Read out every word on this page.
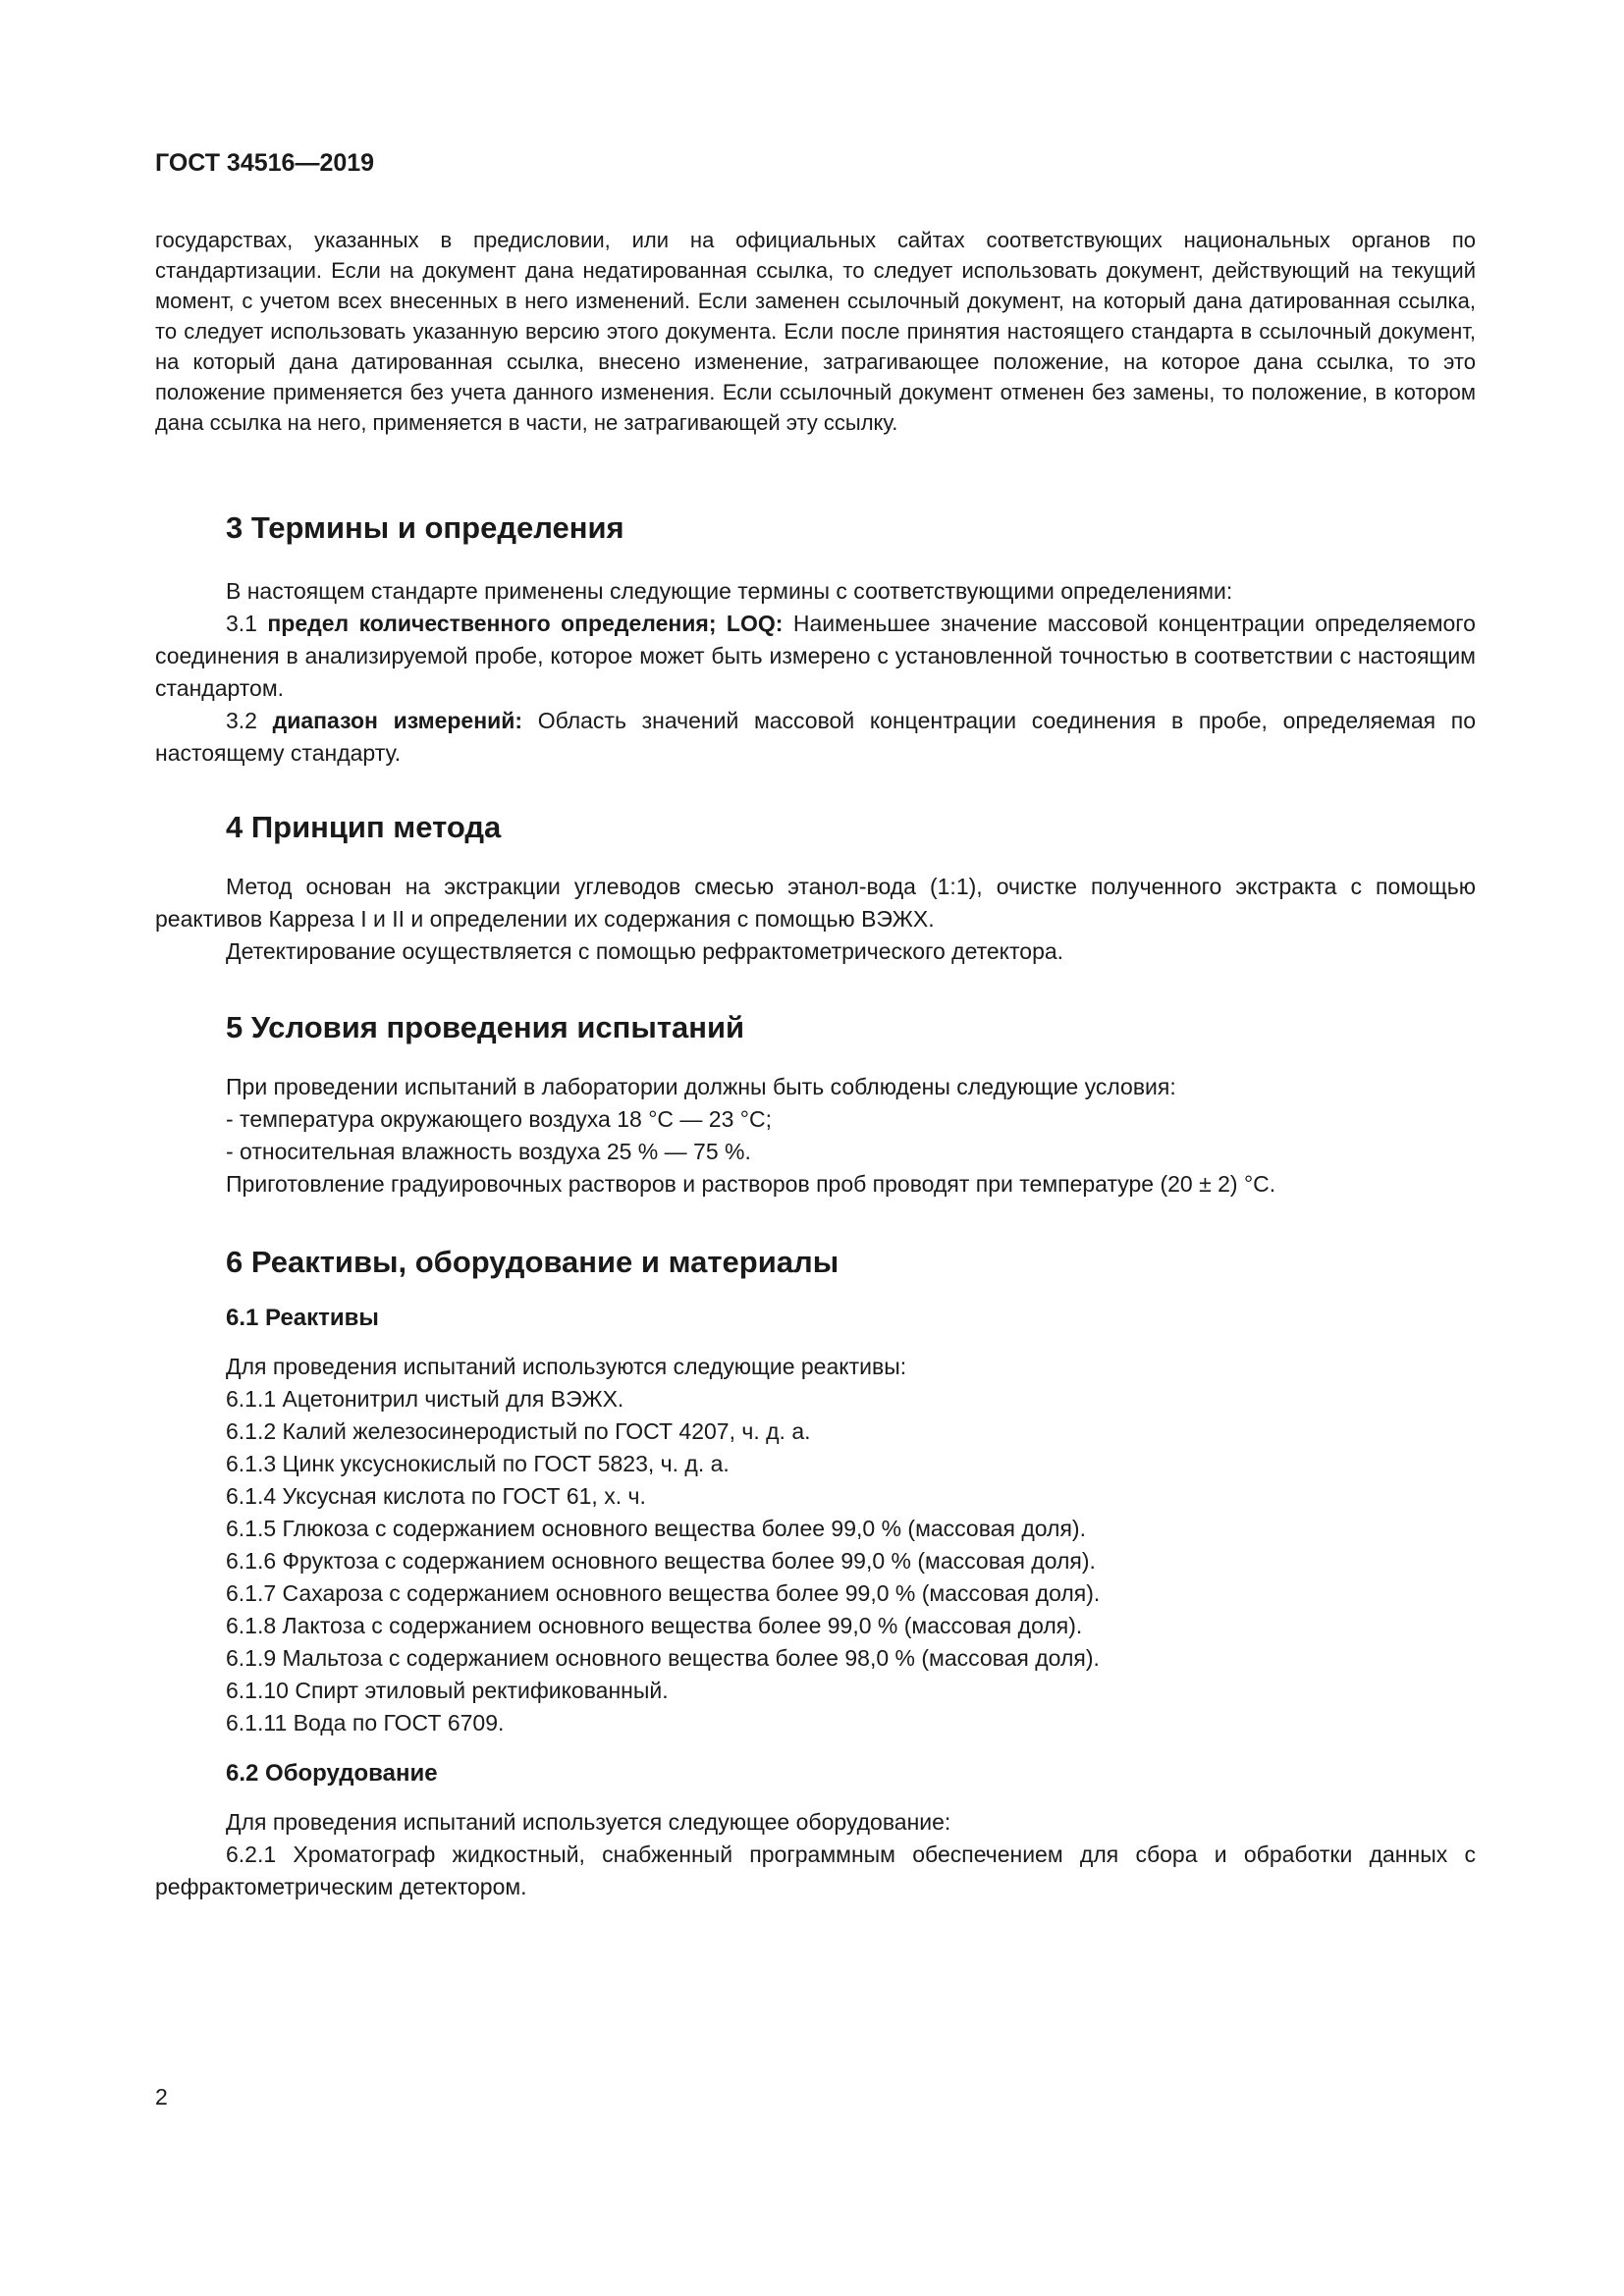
ГОСТ 34516—2019

государствах, указанных в предисловии, или на официальных сайтах соответствующих национальных органов по стандартизации. Если на документ дана недатированная ссылка, то следует использовать документ, действующий на текущий момент, с учетом всех внесенных в него изменений. Если заменен ссылочный документ, на который дана датированная ссылка, то следует использовать указанную версию этого документа. Если после принятия настоящего стандарта в ссылочный документ, на который дана датированная ссылка, внесено изменение, затрагивающее положение, на которое дана ссылка, то это положение применяется без учета данного изменения. Если ссылочный документ отменен без замены, то положение, в котором дана ссылка на него, применяется в части, не затрагивающей эту ссылку.

3 Термины и определения

В настоящем стандарте применены следующие термины с соответствующими определениями:

3.1 предел количественного определения; LOQ: Наименьшее значение массовой концентрации определяемого соединения в анализируемой пробе, которое может быть измерено с установленной точностью в соответствии с настоящим стандартом.

3.2 диапазон измерений: Область значений массовой концентрации соединения в пробе, определяемая по настоящему стандарту.

4 Принцип метода

Метод основан на экстракции углеводов смесью этанол-вода (1:1), очистке полученного экстракта с помощью реактивов Карреза I и II и определении их содержания с помощью ВЭЖХ.

Детектирование осуществляется с помощью рефрактометрического детектора.

5 Условия проведения испытаний

При проведении испытаний в лаборатории должны быть соблюдены следующие условия:

- температура окружающего воздуха 18 °С — 23 °С;

- относительная влажность воздуха 25 % — 75 %.

Приготовление градуировочных растворов и растворов проб проводят при температуре (20 ± 2) °С.

6 Реактивы, оборудование и материалы
6.1 Реактивы

Для проведения испытаний используются следующие реактивы:

6.1.1 Ацетонитрил чистый для ВЭЖХ.

6.1.2 Калий железосинеродистый по ГОСТ 4207, ч. д. а.

6.1.3 Цинк уксуснокислый по ГОСТ 5823, ч. д. а.

6.1.4 Уксусная кислота по ГОСТ 61, х. ч.

6.1.5 Глюкоза с содержанием основного вещества более 99,0 % (массовая доля).

6.1.6 Фруктоза с содержанием основного вещества более 99,0 % (массовая доля).

6.1.7 Сахароза с содержанием основного вещества более 99,0 % (массовая доля).

6.1.8 Лактоза с содержанием основного вещества более 99,0 % (массовая доля).

6.1.9 Мальтоза с содержанием основного вещества более 98,0 % (массовая доля).

6.1.10 Спирт этиловый ректификованный.

6.1.11 Вода по ГОСТ 6709.

6.2 Оборудование

Для проведения испытаний используется следующее оборудование:

6.2.1 Хроматограф жидкостный, снабженный программным обеспечением для сбора и обработки данных с рефрактометрическим детектором.

2
